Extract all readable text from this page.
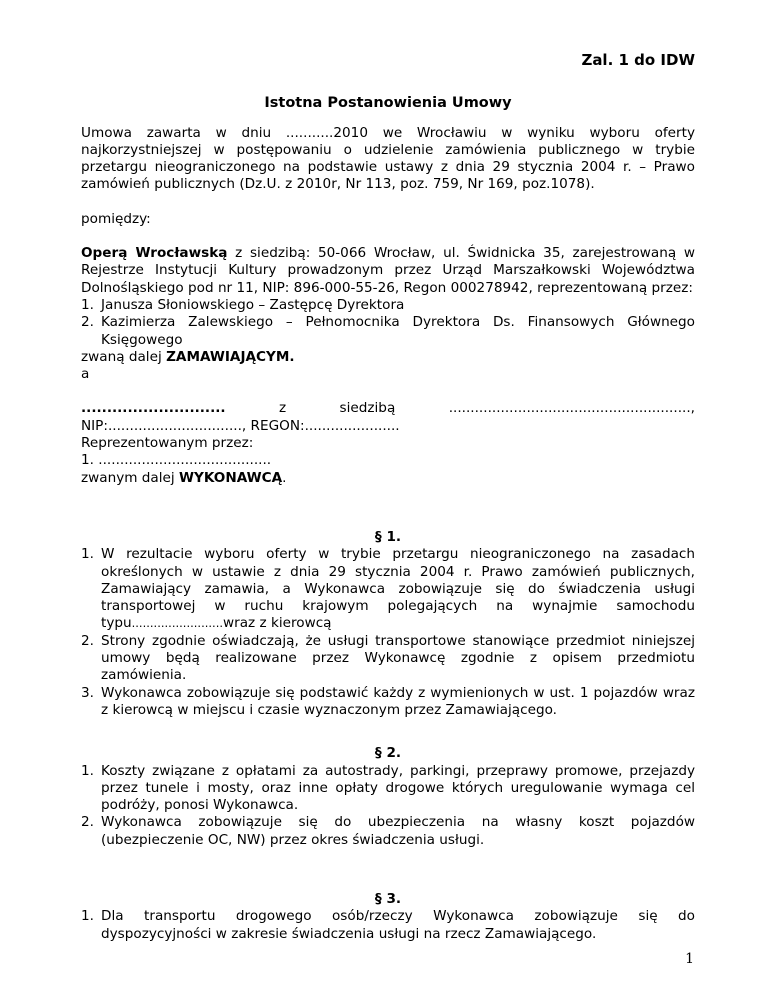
Zal. 1 do IDW

Istotna Postanowienia Umowy

Umowa zawarta w dniu ...........2010 we Wrocławiu w wyniku wyboru oferty najkorzystniejszej w postępowaniu o udzielenie zamówienia publicznego w trybie przetargu nieograniczonego na podstawie ustawy z dnia 29 stycznia 2004 r. – Prawo zamówień publicznych (Dz.U. z 2010r, Nr 113, poz. 759, Nr 169, poz.1078).

pomiędzy:

Operą Wrocławską z siedzibą: 50-066 Wrocław, ul. Świdnicka 35, zarejestrowaną w Rejestrze Instytucji Kultury prowadzonym przez Urząd Marszałkowski Województwa Dolnośląskiego pod nr 11, NIP: 896-000-55-26, Regon 000278942, reprezentowaną przez:

1. Janusza Słoniowskiego – Zastępcę Dyrektora
2. Kazimierza Zalewskiego – Pełnomocnika Dyrektora Ds. Finansowych Głównego Księgowego

zwaną dalej ZAMAWIAJĄCYM.

a

............................	z	siedzibą	........................................................,

NIP:..............................., REGON:......................

Reprezentowanym przez:

1. ........................................

zwanym dalej WYKONAWCĄ.

§ 1.

1. W rezultacie wyboru oferty w trybie przetargu nieograniczonego na zasadach określonych w ustawie z dnia 29 stycznia 2004 r. Prawo zamówień publicznych, Zamawiający zamawia, a Wykonawca zobowiązuje się do świadczenia usługi transportowej w ruchu krajowym polegających na wynajmie samochodu typu.........................wraz z kierowcą
2. Strony zgodnie oświadczają, że usługi transportowe stanowiące przedmiot niniejszej umowy będą realizowane przez Wykonawcę zgodnie z opisem przedmiotu zamówienia.
3. Wykonawca zobowiązuje się podstawić każdy z wymienionych w ust. 1 pojazdów wraz z kierowcą w miejscu i czasie wyznaczonym przez Zamawiającego.

§ 2.

1. Koszty związane z opłatami za autostrady, parkingi, przeprawy promowe, przejazdy przez tunele i mosty, oraz inne opłaty drogowe których uregulowanie wymaga cel podróży, ponosi Wykonawca.
2. Wykonawca zobowiązuje się do ubezpieczenia na własny koszt pojazdów (ubezpieczenie OC, NW) przez okres świadczenia usługi.

§ 3.

1. Dla transportu drogowego osób/rzeczy Wykonawca zobowiązuje się do dyspozycyjności w zakresie świadczenia usługi na rzecz Zamawiającego.
1
